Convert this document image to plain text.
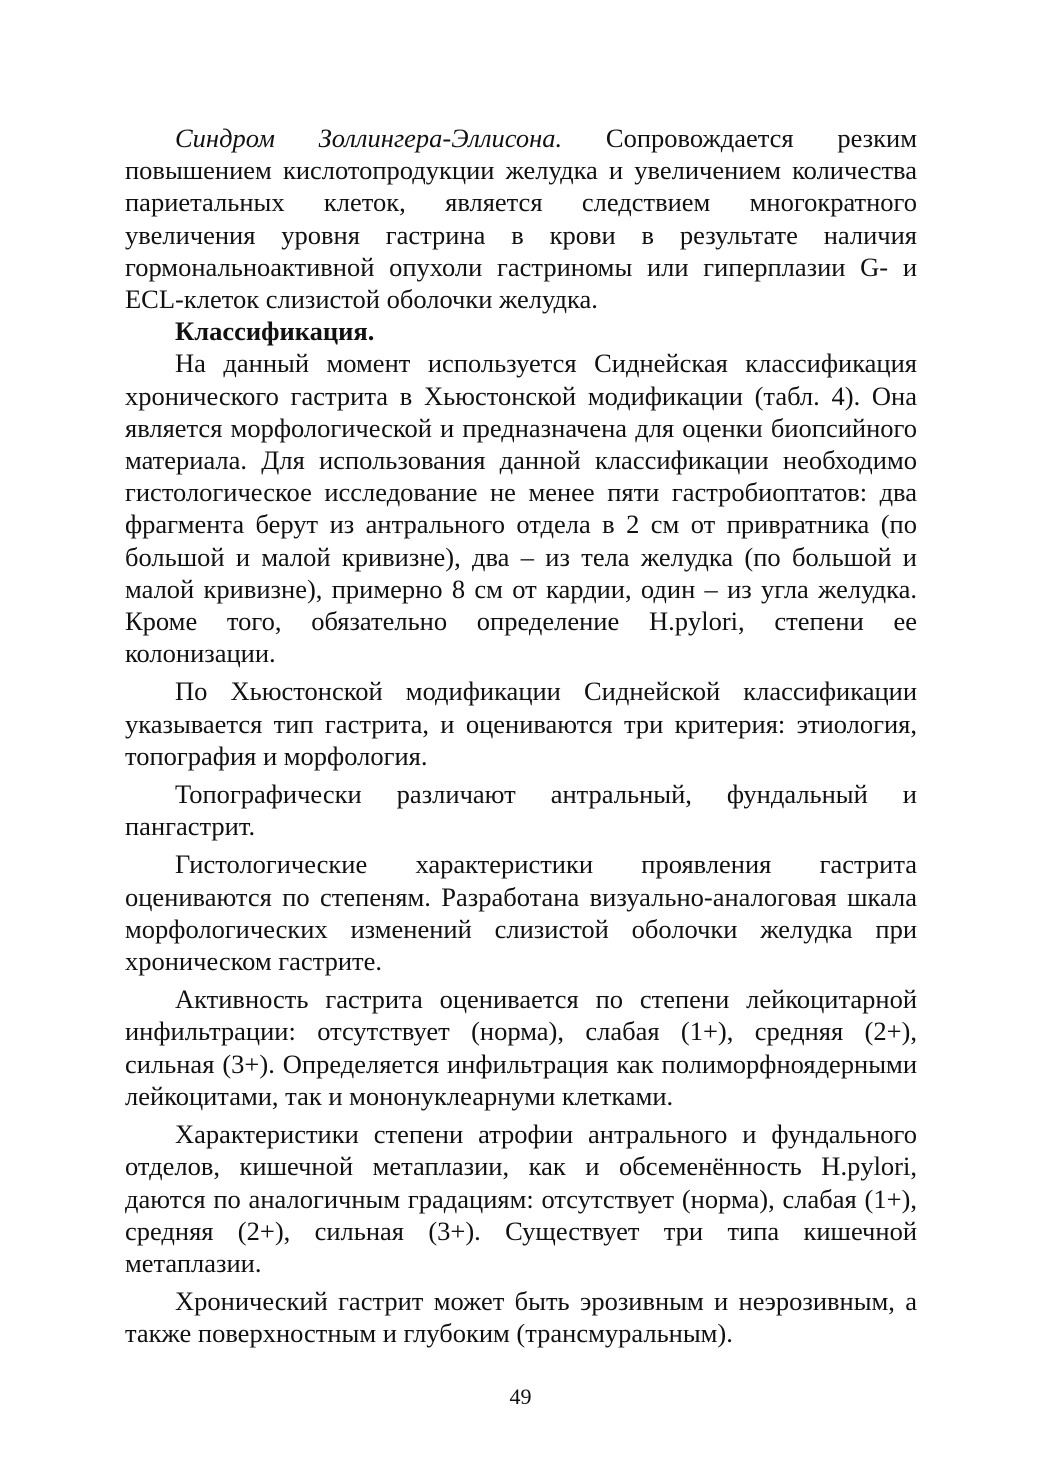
Синдром Золлингера-Эллисона. Сопровождается резким повышением кислотопродукции желудка и увеличением количества париетальных клеток, является следствием многократного увеличения уровня гастрина в крови в результате наличия гормональноактивной опухоли гастриномы или гиперплазии G- и ECL-клеток слизистой оболочки желудка.

Классификация.

На данный момент используется Сиднейская классификация хронического гастрита в Хьюстонской модификации (табл. 4). Она является морфологической и предназначена для оценки биопсийного материала. Для использования данной классификации необходимо гистологическое исследование не менее пяти гастробиоптатов: два фрагмента берут из антрального отдела в 2 см от привратника (по большой и малой кривизне), два – из тела желудка (по большой и малой кривизне), примерно 8 см от кардии, один – из угла желудка. Кроме того, обязательно определение H.pylori, степени ее колонизации.

По Хьюстонской модификации Сиднейской классификации указывается тип гастрита, и оцениваются три критерия: этиология, топография и морфология.

Топографически различают антральный, фундальный и пангастрит.

Гистологические характеристики проявления гастрита оцениваются по степеням. Разработана визуально-аналоговая шкала морфологических изменений слизистой оболочки желудка при хроническом гастрите.

Активность гастрита оценивается по степени лейкоцитарной инфильтрации: отсутствует (норма), слабая (1+), средняя (2+), сильная (3+). Определяется инфильтрация как полиморфноядерными лейкоцитами, так и мононуклеарнуми клетками.

Характеристики степени атрофии антрального и фундального отделов, кишечной метаплазии, как и обсеменённость H.pylori, даются по аналогичным градациям: отсутствует (норма), слабая (1+), средняя (2+), сильная (3+). Существует три типа кишечной метаплазии.

Хронический гастрит может быть эрозивным и неэрозивным, а также поверхностным и глубоким (трансмуральным).

49
